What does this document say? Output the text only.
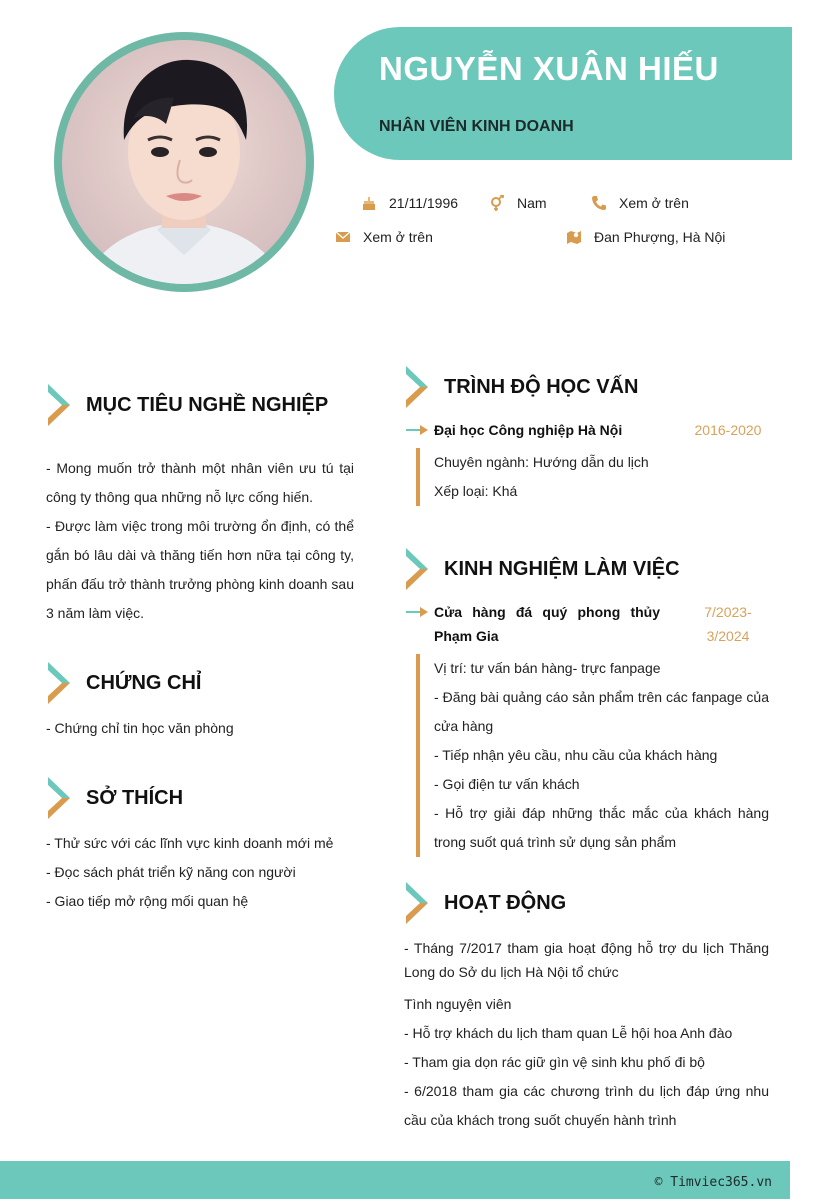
NGUYỄN XUÂN HIẾU
NHÂN VIÊN KINH DOANH
21/11/1996	Nam	Xem ở trên
Xem ở trên	Đan Phượng, Hà Nội
MỤC TIÊU NGHỀ NGHIỆP
- Mong muốn trở thành một nhân viên ưu tú tại công ty thông qua những nỗ lực cống hiến.
- Được làm việc trong môi trường ổn định, có thể gắn bó lâu dài và thăng tiến hơn nữa tại công ty, phấn đấu trở thành trưởng phòng kinh doanh sau 3 năm làm việc.
CHỨNG CHỈ
- Chứng chỉ tin học văn phòng
SỞ THÍCH
- Thử sức với các lĩnh vực kinh doanh mới mẻ
- Đọc sách phát triển kỹ năng con người
- Giao tiếp mở rộng mối quan hệ
TRÌNH ĐỘ HỌC VẤN
Đại học Công nghiệp Hà Nội	2016-2020
Chuyên ngành: Hướng dẫn du lịch
Xếp loại: Khá
KINH NGHIỆM LÀM VIỆC
Cửa hàng đá quý phong thủy Phạm Gia
7/2023-3/2024
Vị trí: tư vấn bán hàng- trực fanpage
- Đăng bài quảng cáo sản phẩm trên các fanpage của cửa hàng
- Tiếp nhận yêu cầu, nhu cầu của khách hàng
- Gọi điện tư vấn khách
- Hỗ trợ giải đáp những thắc mắc của khách hàng trong suốt quá trình sử dụng sản phẩm
HOẠT ĐỘNG
- Tháng 7/2017 tham gia hoạt động hỗ trợ du lịch Thăng Long do Sở du lịch Hà Nội tổ chức
Tình nguyện viên
- Hỗ trợ khách du lịch tham quan Lễ hội hoa Anh đào
- Tham gia dọn rác giữ gìn vệ sinh khu phố đi bộ
- 6/2018 tham gia các chương trình du lịch đáp ứng nhu cầu của khách trong suốt chuyến hành trình
© Timviec365.vn
